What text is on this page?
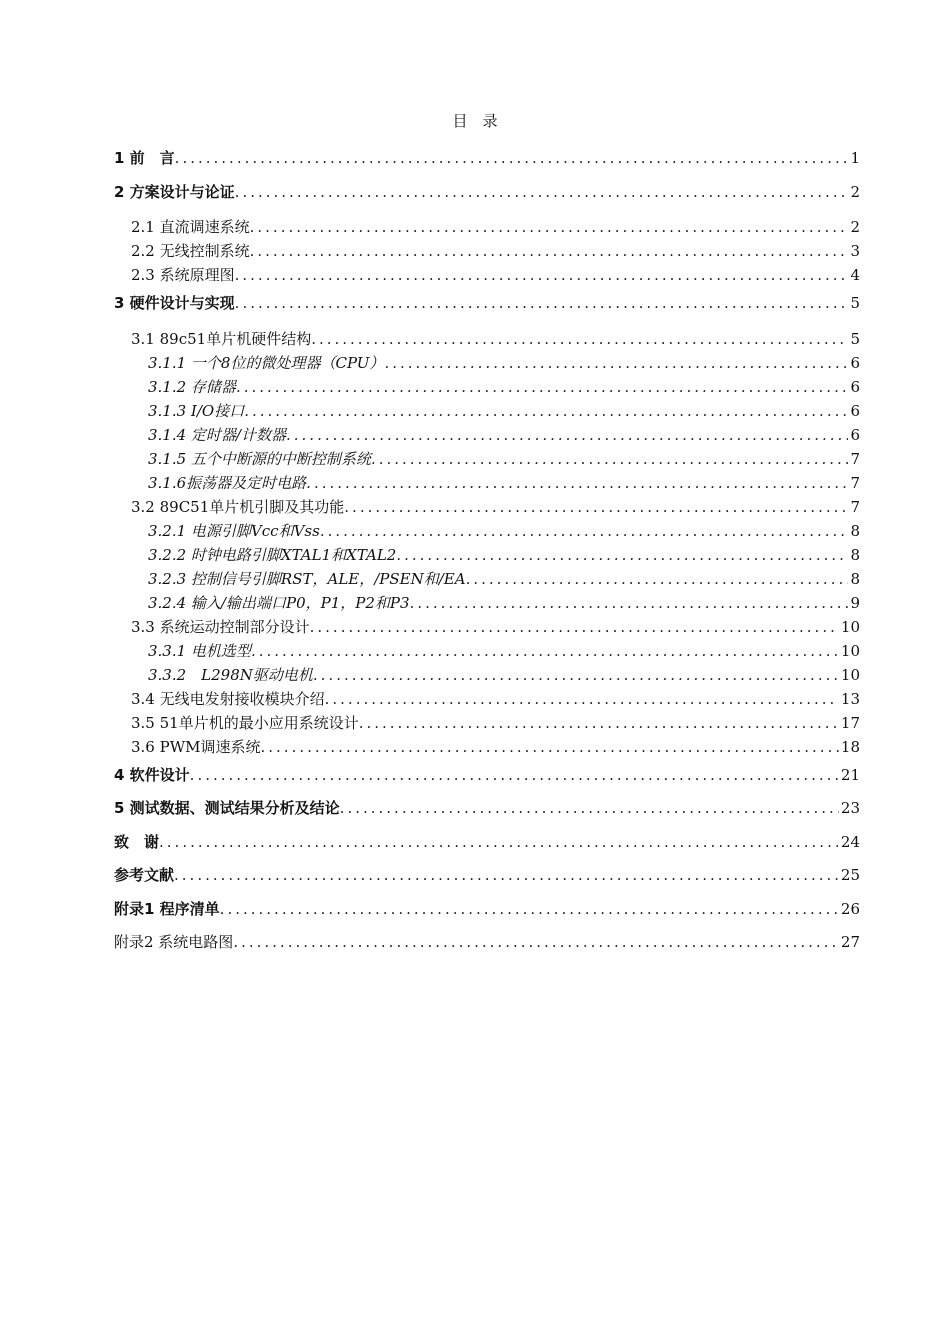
目　录
1 前　言 .....	1
2 方案设计与论证 .....	2
2.1 直流调速系统 .....	2
2.2 无线控制系统 .....	3
2.3 系统原理图 .....	4
3 硬件设计与实现 .....	5
3.1 89c51单片机硬件结构 .....	5
3.1.1 一个8位的微处理器（CPU） .....	6
3.1.2 存储器 .....	6
3.1.3 I/O接口 .....	6
3.1.4 定时器/计数器 .....	6
3.1.5 五个中断源的中断控制系统 .....	7
3.1.6振荡器及定时电路 .....	7
3.2 89C51单片机引脚及其功能 .....	7
3.2.1 电源引脚Vcc和Vss .....	8
3.2.2 时钟电路引脚XTAL1和XTAL2 .....	8
3.2.3 控制信号引脚RST，ALE，/PSEN和/EA .....	8
3.2.4 输入/输出端口P0，P1，P2和P3 .....	9
3.3 系统运动控制部分设计 .....	10
3.3.1 电机选型 .....	10
3.3.2　L298N驱动电机 .....	10
3.4 无线电发射接收模块介绍 .....	13
3.5 51单片机的最小应用系统设计 .....	17
3.6 PWM调速系统 .....	18
4 软件设计 .....	21
5 测试数据、测试结果分析及结论 .....	23
致　谢 .....	24
参考文献 .....	25
附录1 程序清单 .....	26
附录2 系统电路图 .....	27
